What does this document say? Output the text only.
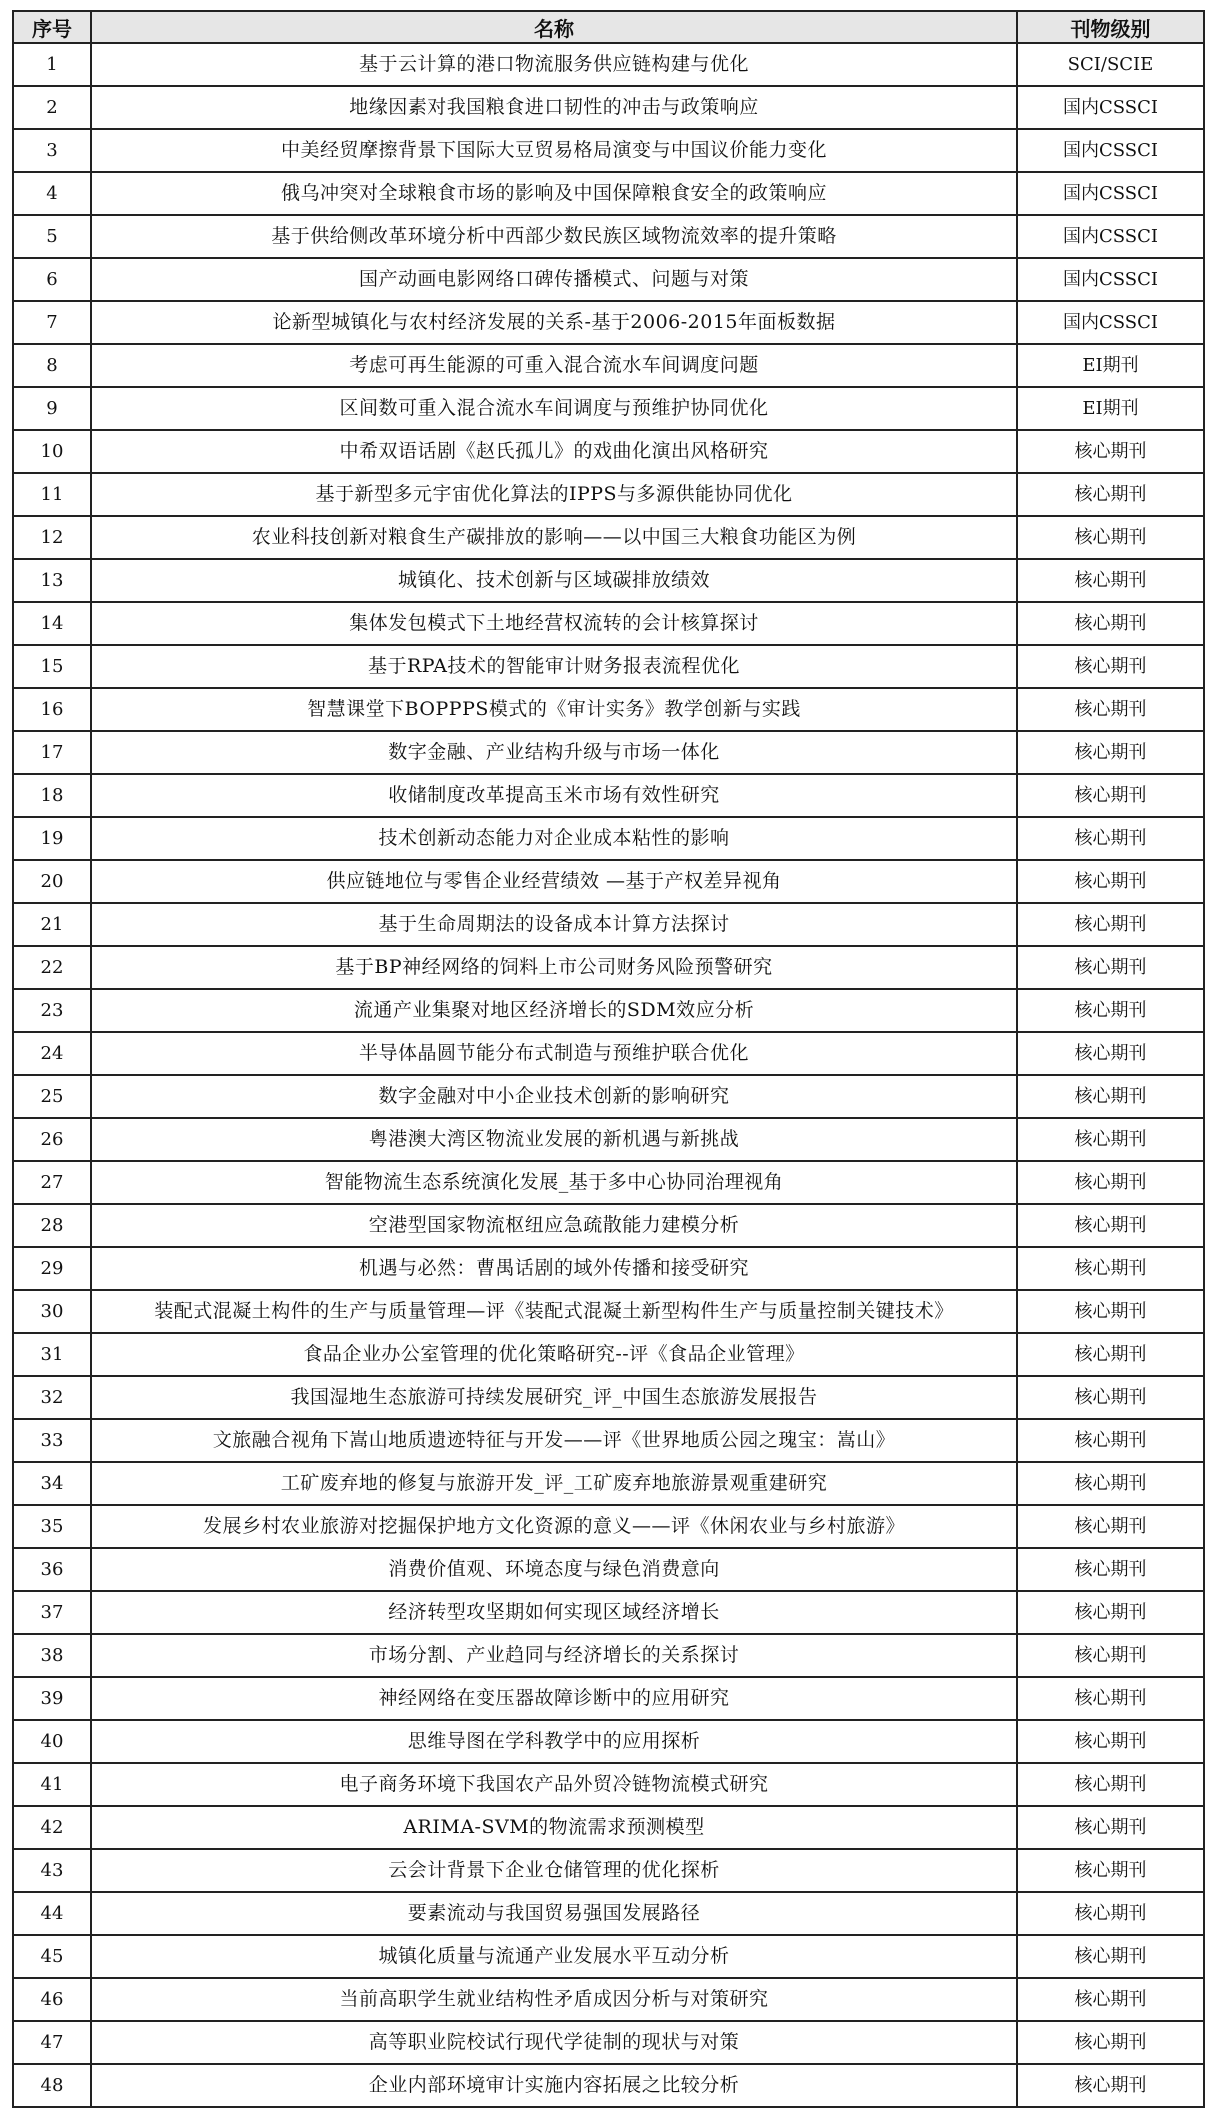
序号	名称	刊物级别
1	基于云计算的港口物流服务供应链构建与优化	SCI/SCIE
2	地缘因素对我国粮食进口韧性的冲击与政策响应	国内CSSCI
3	中美经贸摩擦背景下国际大豆贸易格局演变与中国议价能力变化	国内CSSCI
4	俄乌冲突对全球粮食市场的影响及中国保障粮食安全的政策响应	国内CSSCI
5	基于供给侧改革环境分析中西部少数民族区域物流效率的提升策略	国内CSSCI
6	国产动画电影网络口碑传播模式、问题与对策	国内CSSCI
7	论新型城镇化与农村经济发展的关系-基于2006-2015年面板数据	国内CSSCI
8	考虑可再生能源的可重入混合流水车间调度问题	EI期刊
9	区间数可重入混合流水车间调度与预维护协同优化	EI期刊
10	中希双语话剧《赵氏孤儿》的戏曲化演出风格研究	核心期刊
11	基于新型多元宇宙优化算法的IPPS与多源供能协同优化	核心期刊
12	农业科技创新对粮食生产碳排放的影响——以中国三大粮食功能区为例	核心期刊
13	城镇化、技术创新与区域碳排放绩效	核心期刊
14	集体发包模式下土地经营权流转的会计核算探讨	核心期刊
15	基于RPA技术的智能审计财务报表流程优化	核心期刊
16	智慧课堂下BOPPPS模式的《审计实务》教学创新与实践	核心期刊
17	数字金融、产业结构升级与市场一体化	核心期刊
18	收储制度改革提高玉米市场有效性研究	核心期刊
19	技术创新动态能力对企业成本粘性的影响	核心期刊
20	供应链地位与零售企业经营绩效 —基于产权差异视角	核心期刊
21	基于生命周期法的设备成本计算方法探讨	核心期刊
22	基于BP神经网络的饲料上市公司财务风险预警研究	核心期刊
23	流通产业集聚对地区经济增长的SDM效应分析	核心期刊
24	半导体晶圆节能分布式制造与预维护联合优化	核心期刊
25	数字金融对中小企业技术创新的影响研究	核心期刊
26	粤港澳大湾区物流业发展的新机遇与新挑战	核心期刊
27	智能物流生态系统演化发展_基于多中心协同治理视角	核心期刊
28	空港型国家物流枢纽应急疏散能力建模分析	核心期刊
29	机遇与必然：曹禺话剧的域外传播和接受研究	核心期刊
30	装配式混凝土构件的生产与质量管理—评《装配式混凝土新型构件生产与质量控制关键技术》	核心期刊
31	食品企业办公室管理的优化策略研究--评《食品企业管理》	核心期刊
32	我国湿地生态旅游可持续发展研究_评_中国生态旅游发展报告	核心期刊
33	文旅融合视角下嵩山地质遗迹特征与开发——评《世界地质公园之瑰宝：嵩山》	核心期刊
34	工矿废弃地的修复与旅游开发_评_工矿废弃地旅游景观重建研究	核心期刊
35	发展乡村农业旅游对挖掘保护地方文化资源的意义——评《休闲农业与乡村旅游》	核心期刊
36	消费价值观、环境态度与绿色消费意向	核心期刊
37	经济转型攻坚期如何实现区域经济增长	核心期刊
38	市场分割、产业趋同与经济增长的关系探讨	核心期刊
39	神经网络在变压器故障诊断中的应用研究	核心期刊
40	思维导图在学科教学中的应用探析	核心期刊
41	电子商务环境下我国农产品外贸冷链物流模式研究	核心期刊
42	ARIMA-SVM的物流需求预测模型	核心期刊
43	云会计背景下企业仓储管理的优化探析	核心期刊
44	要素流动与我国贸易强国发展路径	核心期刊
45	城镇化质量与流通产业发展水平互动分析	核心期刊
46	当前高职学生就业结构性矛盾成因分析与对策研究	核心期刊
47	高等职业院校试行现代学徒制的现状与对策	核心期刊
48	企业内部环境审计实施内容拓展之比较分析	核心期刊
